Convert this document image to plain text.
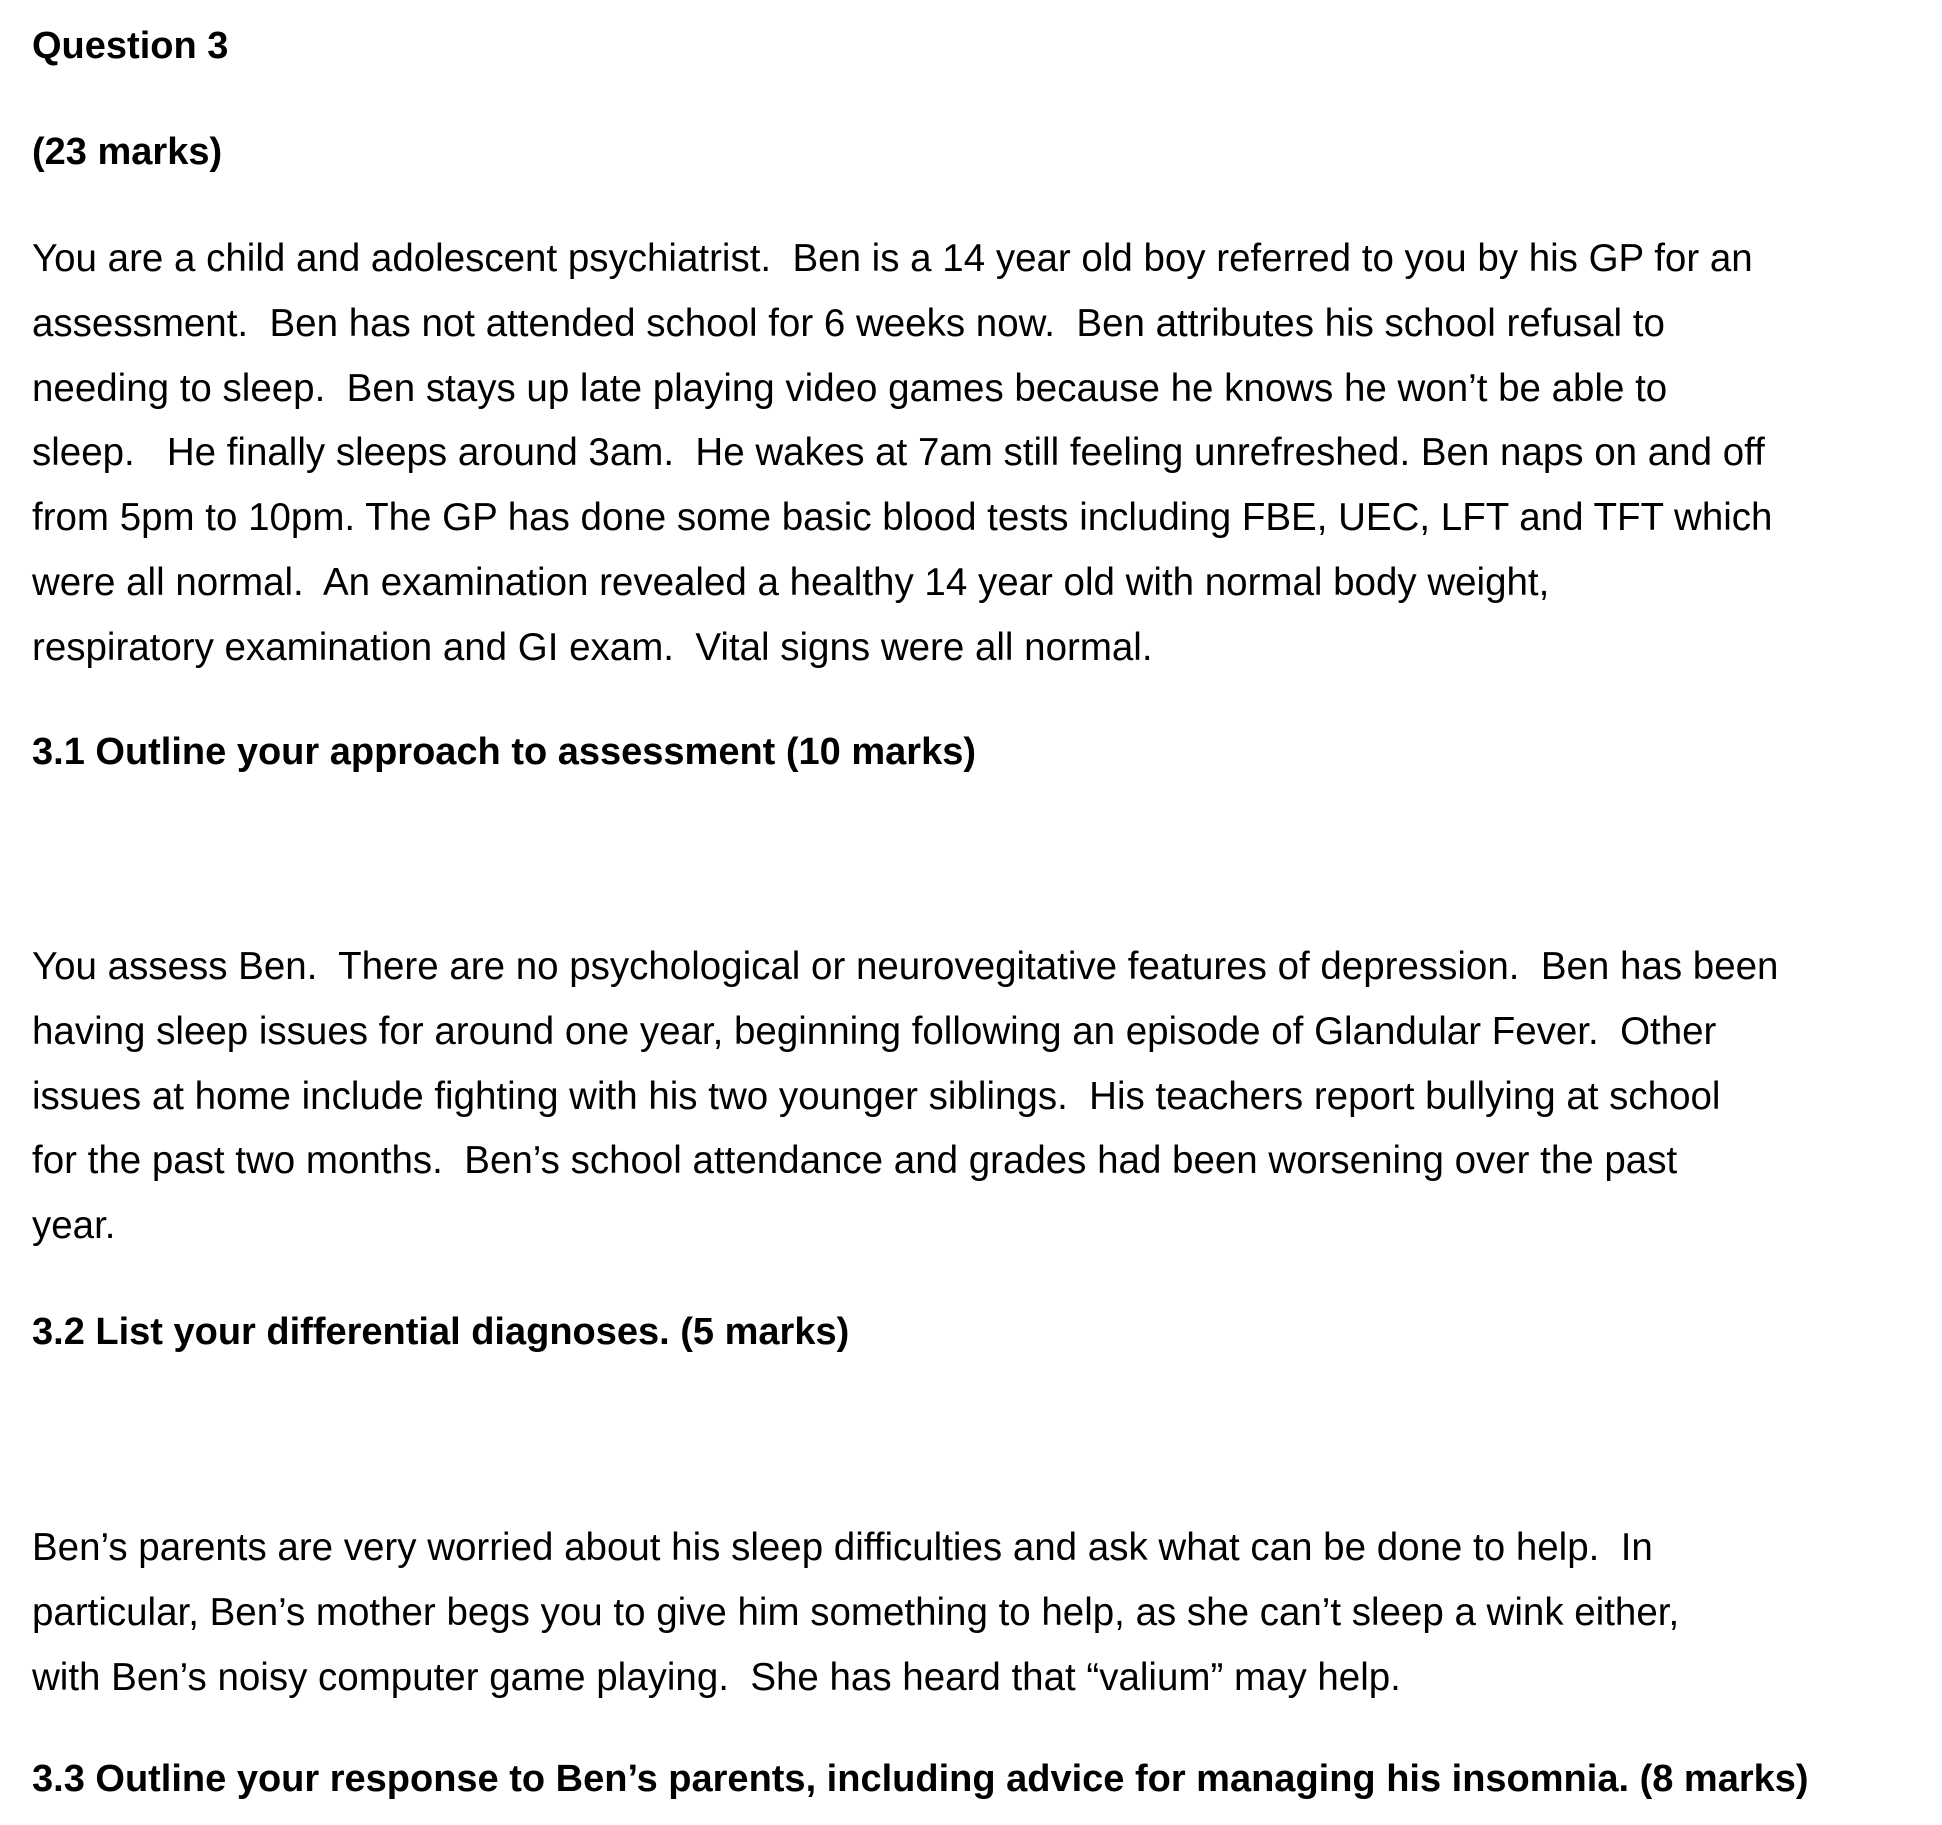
Question 3
(23 marks)
You are a child and adolescent psychiatrist.  Ben is a 14 year old boy referred to you by his GP for an
assessment.  Ben has not attended school for 6 weeks now.  Ben attributes his school refusal to
needing to sleep.  Ben stays up late playing video games because he knows he won’t be able to
sleep.   He finally sleeps around 3am.  He wakes at 7am still feeling unrefreshed. Ben naps on and off
from 5pm to 10pm. The GP has done some basic blood tests including FBE, UEC, LFT and TFT which
were all normal.  An examination revealed a healthy 14 year old with normal body weight,
respiratory examination and GI exam.  Vital signs were all normal.
3.1 Outline your approach to assessment (10 marks)
You assess Ben.  There are no psychological or neurovegitative features of depression.  Ben has been
having sleep issues for around one year, beginning following an episode of Glandular Fever.  Other
issues at home include fighting with his two younger siblings.  His teachers report bullying at school
for the past two months.  Ben’s school attendance and grades had been worsening over the past
year.
3.2 List your differential diagnoses. (5 marks)
Ben’s parents are very worried about his sleep difficulties and ask what can be done to help.  In
particular, Ben’s mother begs you to give him something to help, as she can’t sleep a wink either,
with Ben’s noisy computer game playing.  She has heard that “valium” may help.
3.3 Outline your response to Ben’s parents, including advice for managing his insomnia. (8 marks)
